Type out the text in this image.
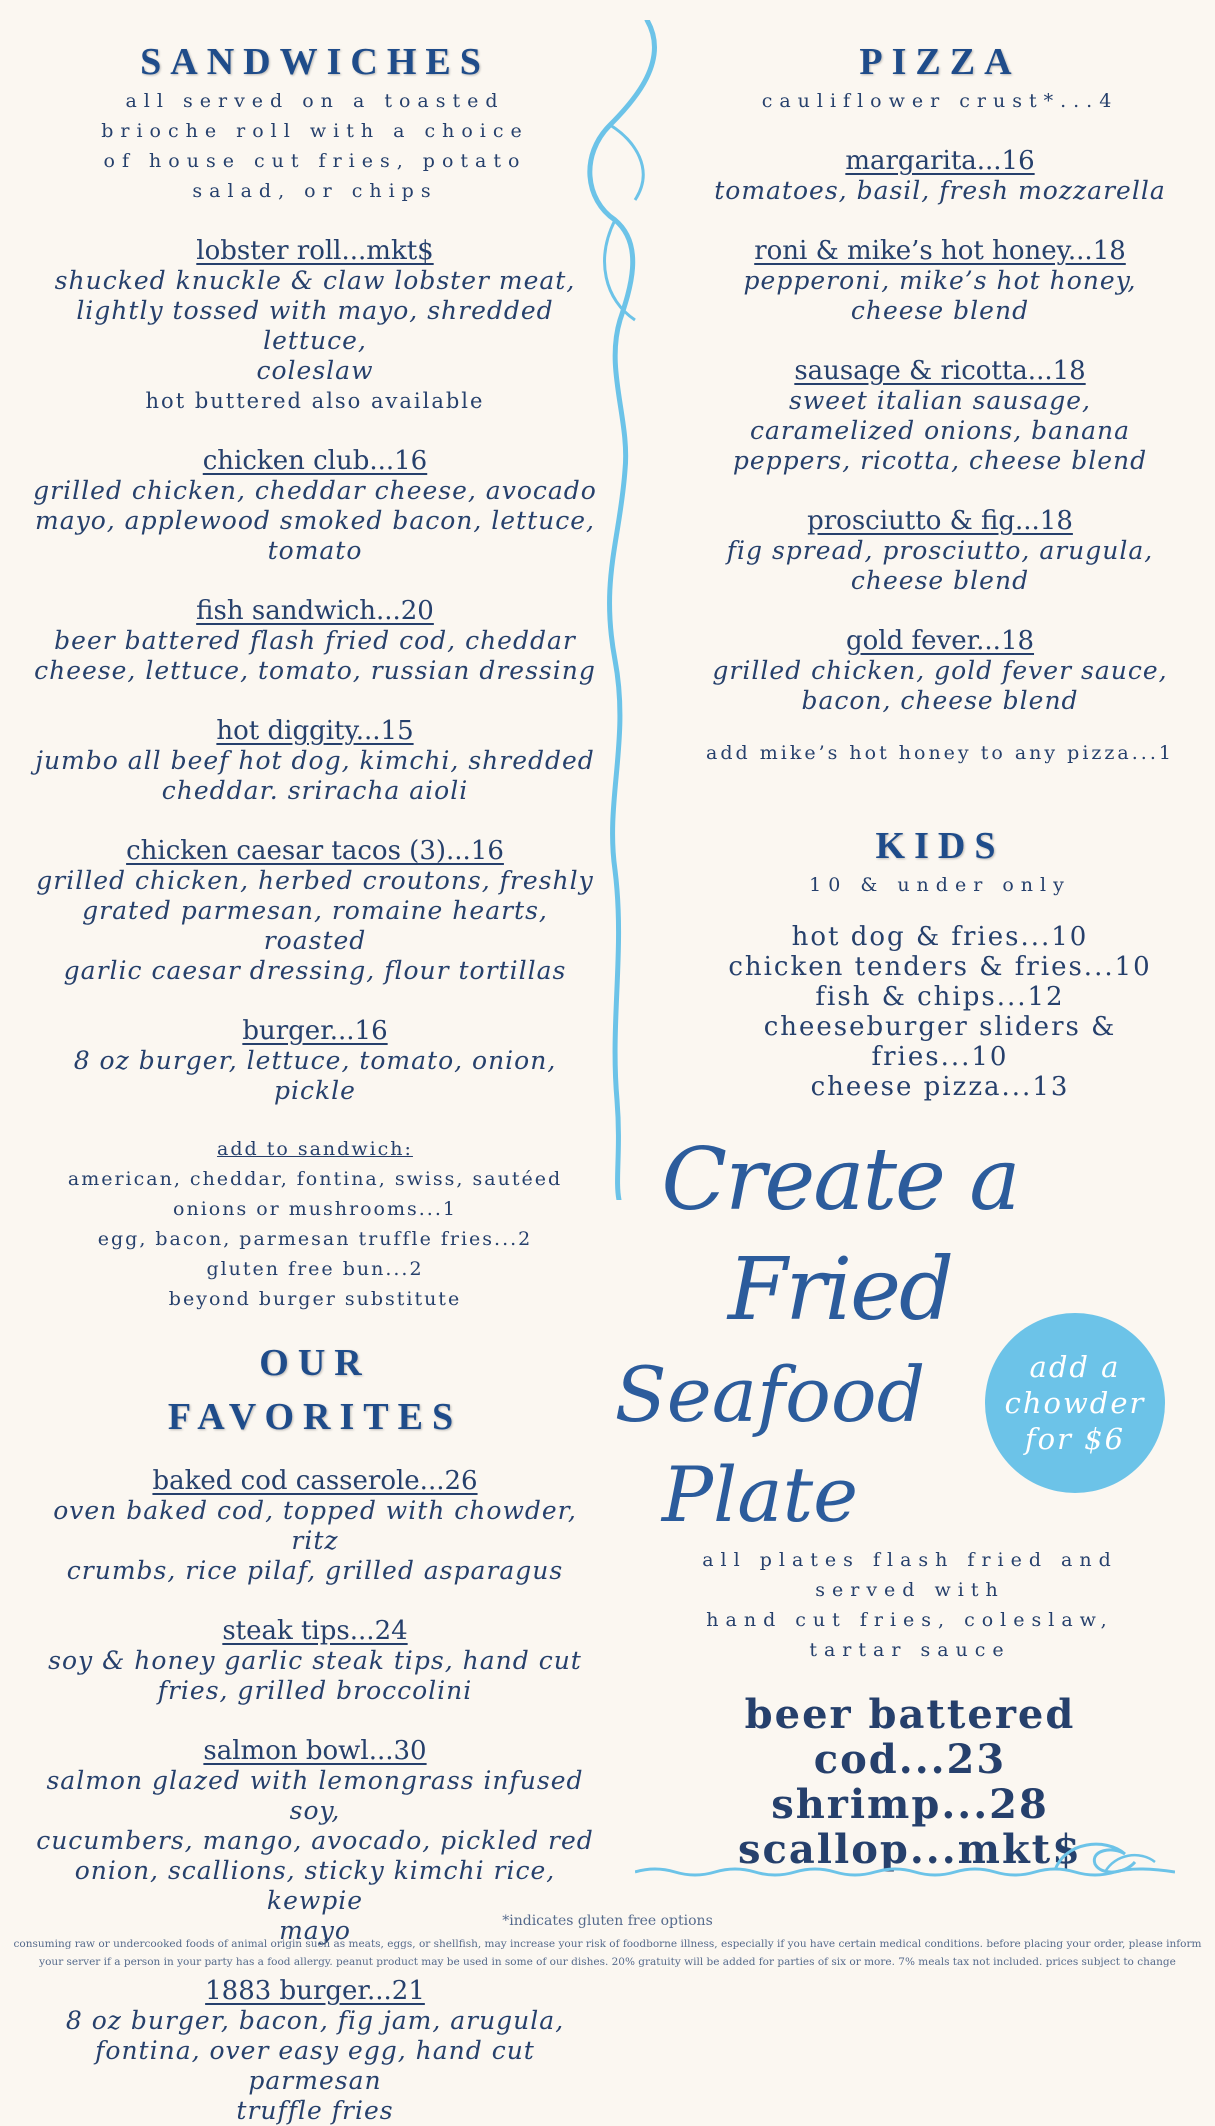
SANDWICHES
all served on a toasted
brioche roll with a choice
of house cut fries, potato
salad, or chips
lobster roll...mkt$
shucked knuckle & claw lobster meat,
lightly tossed with mayo, shredded lettuce,
coleslaw
hot buttered also available
chicken club...16
grilled chicken, cheddar cheese, avocado
mayo, applewood smoked bacon, lettuce,
tomato
fish sandwich...20
beer battered flash fried cod, cheddar
cheese, lettuce, tomato, russian dressing
hot diggity...15
jumbo all beef hot dog, kimchi, shredded
cheddar. sriracha aioli
chicken caesar tacos (3)...16
grilled chicken, herbed croutons, freshly
grated parmesan, romaine hearts, roasted
garlic caesar dressing, flour tortillas
burger...16
8 oz burger, lettuce, tomato, onion, pickle
add to sandwich:
american, cheddar, fontina, swiss, sautéed
onions or mushrooms...1
egg, bacon, parmesan truffle fries...2
gluten free bun...2
beyond burger substitute
OUR
FAVORITES
baked cod casserole...26
oven baked cod, topped with chowder, ritz
crumbs, rice pilaf, grilled asparagus
steak tips...24
soy & honey garlic steak tips, hand cut
fries, grilled broccolini
salmon bowl...30
salmon glazed with lemongrass infused soy,
cucumbers, mango, avocado, pickled red
onion, scallions, sticky kimchi rice, kewpie
mayo
1883 burger...21
8 oz burger, bacon, fig jam, arugula,
fontina, over easy egg, hand cut parmesan
truffle fries
PIZZA
cauliflower crust*...4
margarita...16
tomatoes, basil, fresh mozzarella
roni & mike’s hot honey...18
pepperoni, mike’s hot honey,
cheese blend
sausage & ricotta...18
sweet italian sausage,
caramelized onions, banana
peppers, ricotta, cheese blend
prosciutto & fig...18
fig spread, prosciutto, arugula,
cheese blend
gold fever...18
grilled chicken, gold fever sauce,
bacon, cheese blend
add mike’s hot honey to any pizza...1
KIDS
10 & under only
hot dog & fries...10
chicken tenders & fries...10
fish & chips...12
cheeseburger sliders &
fries...10
cheese pizza...13
Create a Fried
Seafood
Plate
add a
chowder
for $6
all plates flash fried and
served with
hand cut fries, coleslaw,
tartar sauce
beer battered cod...23
shrimp...28
scallop...mkt$
*indicates gluten free options
consuming raw or undercooked foods of animal origin such as meats, eggs, or shellfish, may increase your risk of foodborne illness, especially if you have certain medical conditions. before placing your order, please inform
your server if a person in your party has a food allergy. peanut product may be used in some of our dishes. 20% gratuity will be added for parties of six or more. 7% meals tax not included. prices subject to change
